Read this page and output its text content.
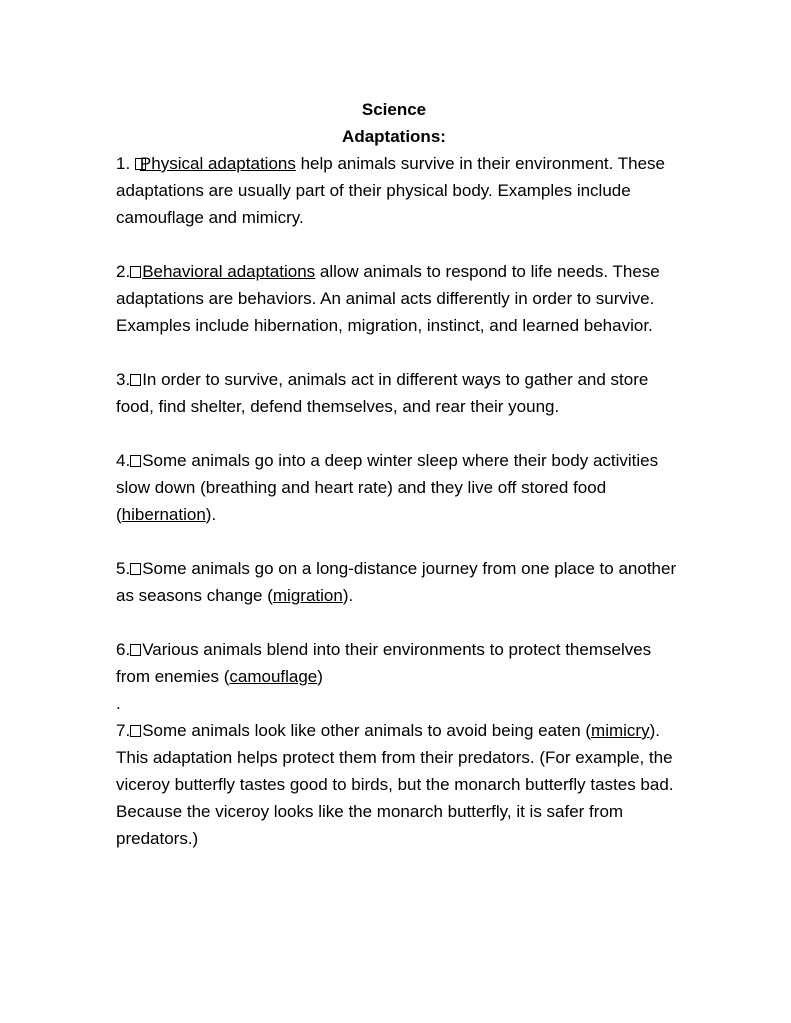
Science
Adaptations:

1. Physical adaptations help animals survive in their environment. These adaptations are usually part of their physical body. Examples include camouflage and mimicry.

2. Behavioral adaptations allow animals to respond to life needs. These adaptations are behaviors. An animal acts differently in order to survive. Examples include hibernation, migration, instinct, and learned behavior.

3. In order to survive, animals act in different ways to gather and store food, find shelter, defend themselves, and rear their young.

4. Some animals go into a deep winter sleep where their body activities slow down (breathing and heart rate) and they live off stored food (hibernation).

5. Some animals go on a long-distance journey from one place to another as seasons change (migration).

6. Various animals blend into their environments to protect themselves from enemies (camouflage)

.

7. Some animals look like other animals to avoid being eaten (mimicry). This adaptation helps protect them from their predators. (For example, the viceroy butterfly tastes good to birds, but the monarch butterfly tastes bad. Because the viceroy looks like the monarch butterfly, it is safer from predators.)
